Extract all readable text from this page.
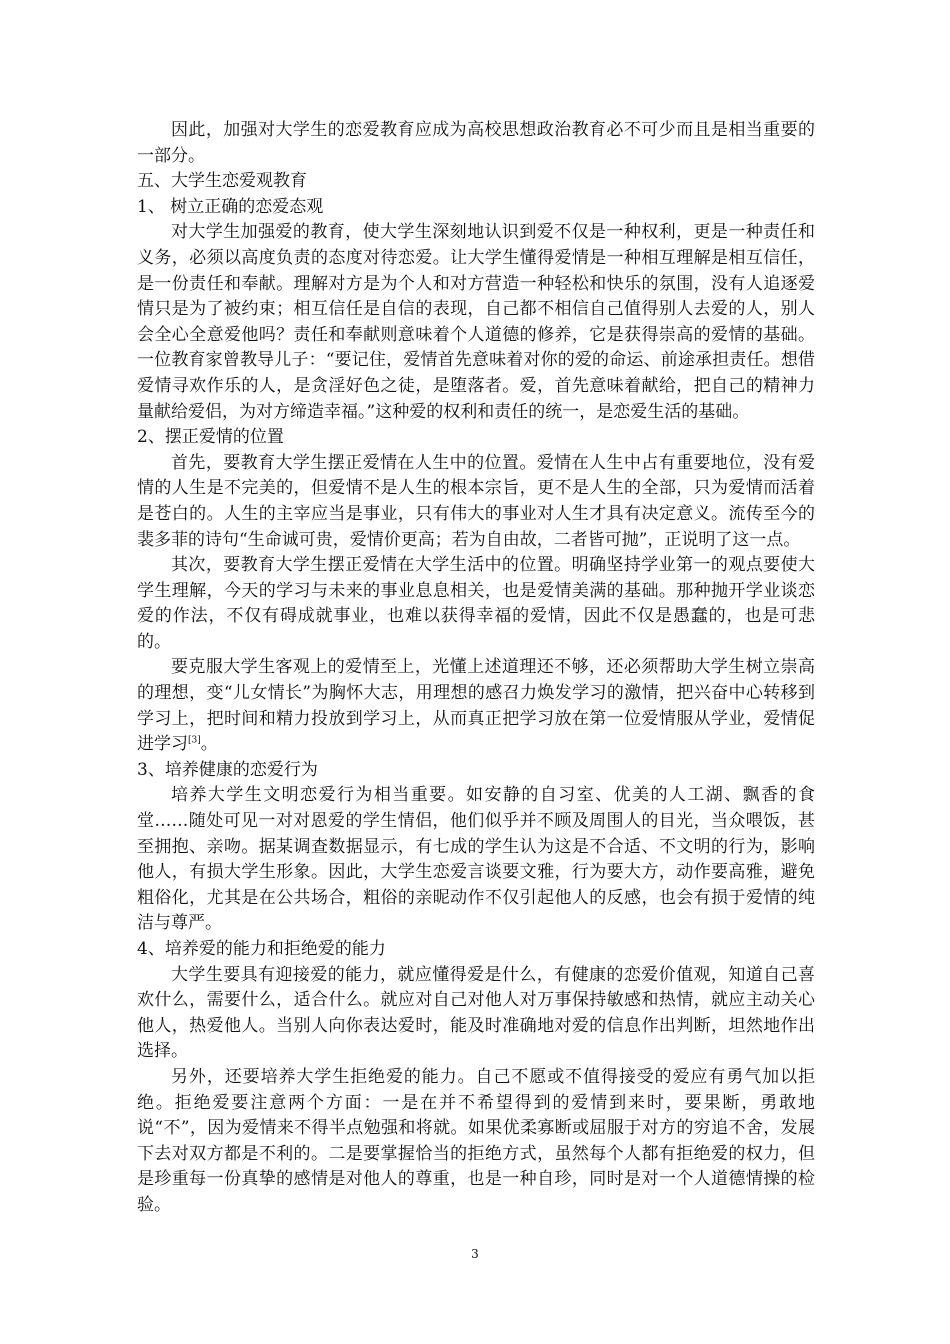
因此，加强对大学生的恋爱教育应成为高校思想政治教育必不可少而且是相当重要的一部分。

五、大学生恋爱观教育

1、 树立正确的恋爱态观

对大学生加强爱的教育，使大学生深刻地认识到爱不仅是一种权利，更是一种责任和义务，必须以高度负责的态度对待恋爱。让大学生懂得爱情是一种相互理解是相互信任，是一份责任和奉献。理解对方是为个人和对方营造一种轻松和快乐的氛围，没有人追逐爱情只是为了被约束；相互信任是自信的表现，自己都不相信自己值得别人去爱的人，别人会全心全意爱他吗？责任和奉献则意味着个人道德的修养，它是获得崇高的爱情的基础。一位教育家曾教导儿子：“要记住，爱情首先意味着对你的爱的命运、前途承担责任。想借爱情寻欢作乐的人，是贪淫好色之徒，是堕落者。爱，首先意味着献给，把自己的精神力量献给爱侣，为对方缔造幸福。”这种爱的权利和责任的统一，是恋爱生活的基础。

2、摆正爱情的位置

首先，要教育大学生摆正爱情在人生中的位置。爱情在人生中占有重要地位，没有爱情的人生是不完美的，但爱情不是人生的根本宗旨，更不是人生的全部，只为爱情而活着是苍白的。人生的主宰应当是事业，只有伟大的事业对人生才具有决定意义。流传至今的裴多菲的诗句“生命诚可贵，爱情价更高；若为自由故，二者皆可抛”，正说明了这一点。

其次，要教育大学生摆正爱情在大学生活中的位置。明确坚持学业第一的观点要使大学生理解，今天的学习与未来的事业息息相关，也是爱情美满的基础。那种抛开学业谈恋爱的作法，不仅有碍成就事业，也难以获得幸福的爱情，因此不仅是愚蠢的，也是可悲的。

要克服大学生客观上的爱情至上，光懂上述道理还不够，还必须帮助大学生树立崇高的理想，变“儿女情长”为胸怀大志，用理想的感召力焕发学习的激情，把兴奋中心转移到学习上，把时间和精力投放到学习上，从而真正把学习放在第一位爱情服从学业，爱情促进学习[3]。

3、培养健康的恋爱行为

培养大学生文明恋爱行为相当重要。如安静的自习室、优美的人工湖、飘香的食堂……随处可见一对对恩爱的学生情侣，他们似乎并不顾及周围人的目光，当众喂饭，甚至拥抱、亲吻。据某调查数据显示，有七成的学生认为这是不合适、不文明的行为，影响他人，有损大学生形象。因此，大学生恋爱言谈要文雅，行为要大方，动作要高雅，避免粗俗化，尤其是在公共场合，粗俗的亲昵动作不仅引起他人的反感，也会有损于爱情的纯洁与尊严。

4、培养爱的能力和拒绝爱的能力

大学生要具有迎接爱的能力，就应懂得爱是什么，有健康的恋爱价值观，知道自己喜欢什么，需要什么，适合什么。就应对自己对他人对万事保持敏感和热情，就应主动关心他人，热爱他人。当别人向你表达爱时，能及时准确地对爱的信息作出判断，坦然地作出选择。

另外，还要培养大学生拒绝爱的能力。自己不愿或不值得接受的爱应有勇气加以拒绝。拒绝爱要注意两个方面：一是在并不希望得到的爱情到来时，要果断，勇敢地说“不”，因为爱情来不得半点勉强和将就。如果优柔寡断或屈服于对方的穷追不舍，发展下去对双方都是不利的。二是要掌握恰当的拒绝方式，虽然每个人都有拒绝爱的权力，但是珍重每一份真挚的感情是对他人的尊重，也是一种自珍，同时是对一个人道德情操的检验。

3
